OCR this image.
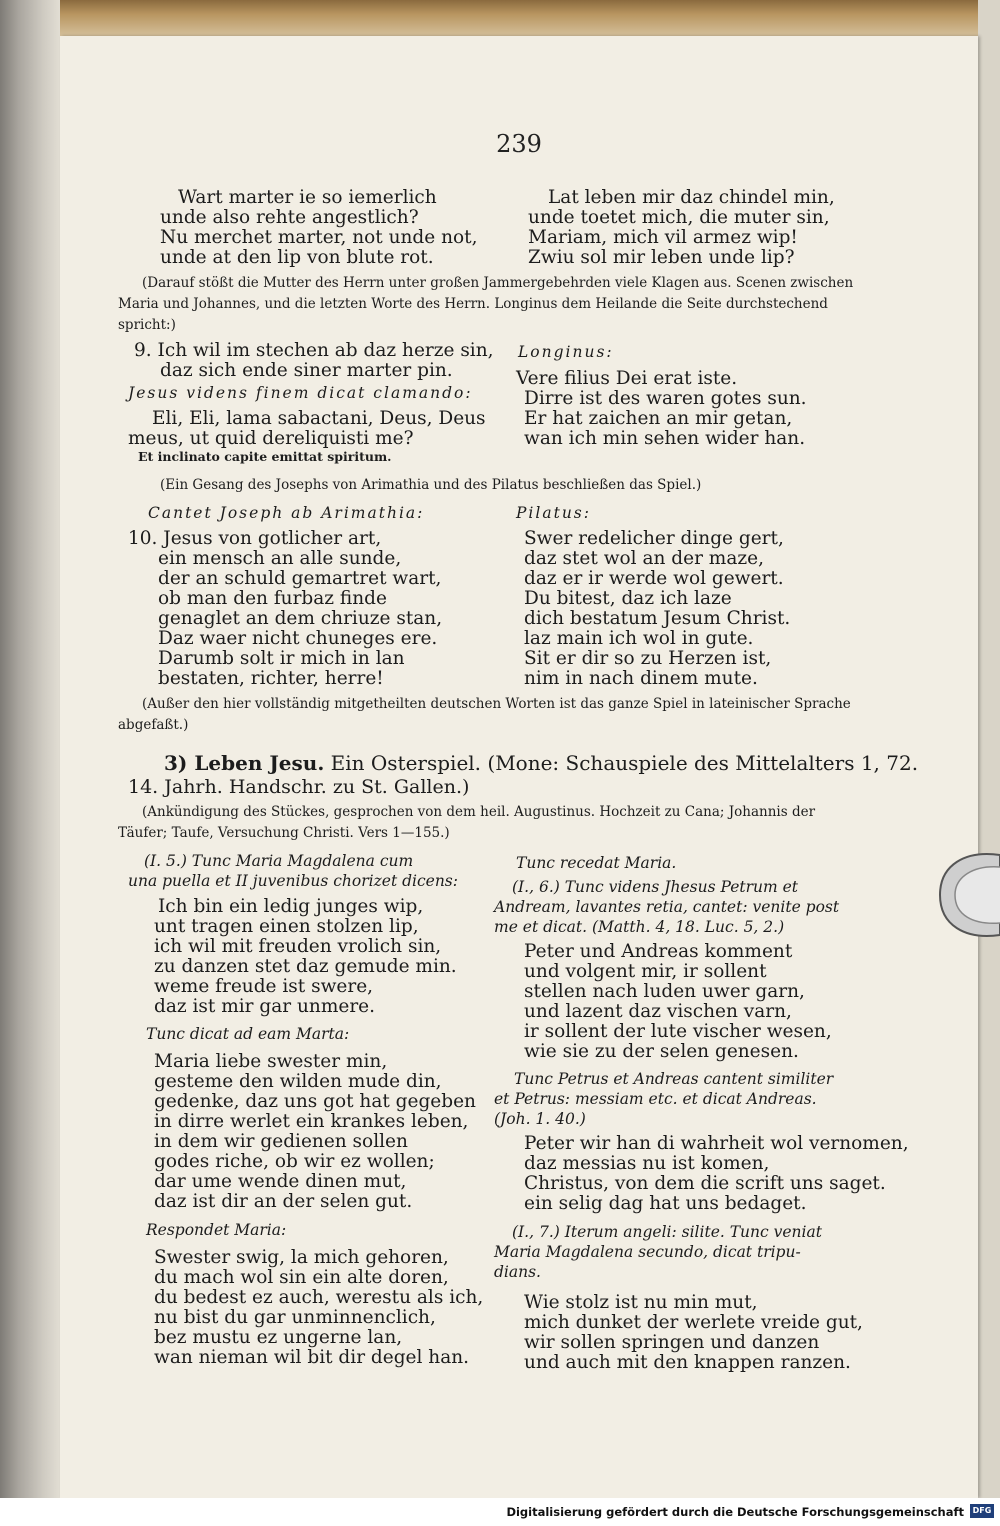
239
Wart marter ie so iemerlich
unde also rehte angestlich?
Nu merchet marter, not unde not,
unde at den lip von blute rot.
Lat leben mir daz chindel min,
unde toetet mich, die muter sin,
Mariam, mich vil armez wip!
Zwiu sol mir leben unde lip?
(Darauf stößt die Mutter des Herrn unter großen Jammergebehrden viele Klagen aus. Scenen zwischen
Maria und Johannes, und die letzten Worte des Herrn. Longinus dem Heilande die Seite durchstechend
spricht:)
9. Ich wil im stechen ab daz herze sin,
daz sich ende siner marter pin.
Jesus videns finem dicat clamando:
Eli, Eli, lama sabactani, Deus, Deus
meus, ut quid dereliquisti me?
Et inclinato capite emittat spiritum.
Longinus:
Vere filius Dei erat iste.
Dirre ist des waren gotes sun.
Er hat zaichen an mir getan,
wan ich min sehen wider han.
(Ein Gesang des Josephs von Arimathia und des Pilatus beschließen das Spiel.)
Cantet Joseph ab Arimathia:
10. Jesus von gotlicher art,
ein mensch an alle sunde,
der an schuld gemartret wart,
ob man den furbaz finde
genaglet an dem chriuze stan,
Daz waer nicht chuneges ere.
Darumb solt ir mich in lan
bestaten, richter, herre!
Pilatus:
Swer redelicher dinge gert,
daz stet wol an der maze,
daz er ir werde wol gewert.
Du bitest, daz ich laze
dich bestatum Jesum Christ.
laz main ich wol in gute.
Sit er dir so zu Herzen ist,
nim in nach dinem mute.
(Außer den hier vollständig mitgetheilten deutschen Worten ist das ganze Spiel in lateinischer Sprache
abgefaßt.)
3) Leben Jesu. Ein Osterspiel. (Mone: Schauspiele des Mittelalters 1, 72.
14. Jahrh. Handschr. zu St. Gallen.)
(Ankündigung des Stückes, gesprochen von dem heil. Augustinus. Hochzeit zu Cana; Johannis der
Täufer; Taufe, Versuchung Christi. Vers 1—155.)
(I. 5.) Tunc Maria Magdalena cum
una puella et II juvenibus chorizet dicens:
Ich bin ein ledig junges wip,
unt tragen einen stolzen lip,
ich wil mit freuden vrolich sin,
zu danzen stet daz gemude min.
weme freude ist swere,
daz ist mir gar unmere.
Tunc dicat ad eam Marta:
Maria liebe swester min,
gesteme den wilden mude din,
gedenke, daz uns got hat gegeben
in dirre werlet ein krankes leben,
in dem wir gedienen sollen
godes riche, ob wir ez wollen;
dar ume wende dinen mut,
daz ist dir an der selen gut.
Respondet Maria:
Swester swig, la mich gehoren,
du mach wol sin ein alte doren,
du bedest ez auch, werestu als ich,
nu bist du gar unminnenclich,
bez mustu ez ungerne lan,
wan nieman wil bit dir degel han.
Tunc recedat Maria.
(I., 6.) Tunc videns Jhesus Petrum et
Andream, lavantes retia, cantet: venite post
me et dicat. (Matth. 4, 18. Luc. 5, 2.)
Peter und Andreas komment
und volgent mir, ir sollent
stellen nach luden uwer garn,
und lazent daz vischen varn,
ir sollent der lute vischer wesen,
wie sie zu der selen genesen.
Tunc Petrus et Andreas cantent similiter
et Petrus: messiam etc. et dicat Andreas.
(Joh. 1. 40.)
Peter wir han di wahrheit wol vernomen,
daz messias nu ist komen,
Christus, von dem die scrift uns saget.
ein selig dag hat uns bedaget.
(I., 7.) Iterum angeli: silite. Tunc veniat
Maria Magdalena secundo, dicat tripu-
dians.
Wie stolz ist nu min mut,
mich dunket der werlete vreide gut,
wir sollen springen und danzen
und auch mit den knappen ranzen.
Digitalisierung gefördert durch die Deutsche Forschungsgemeinschaft	DFG
